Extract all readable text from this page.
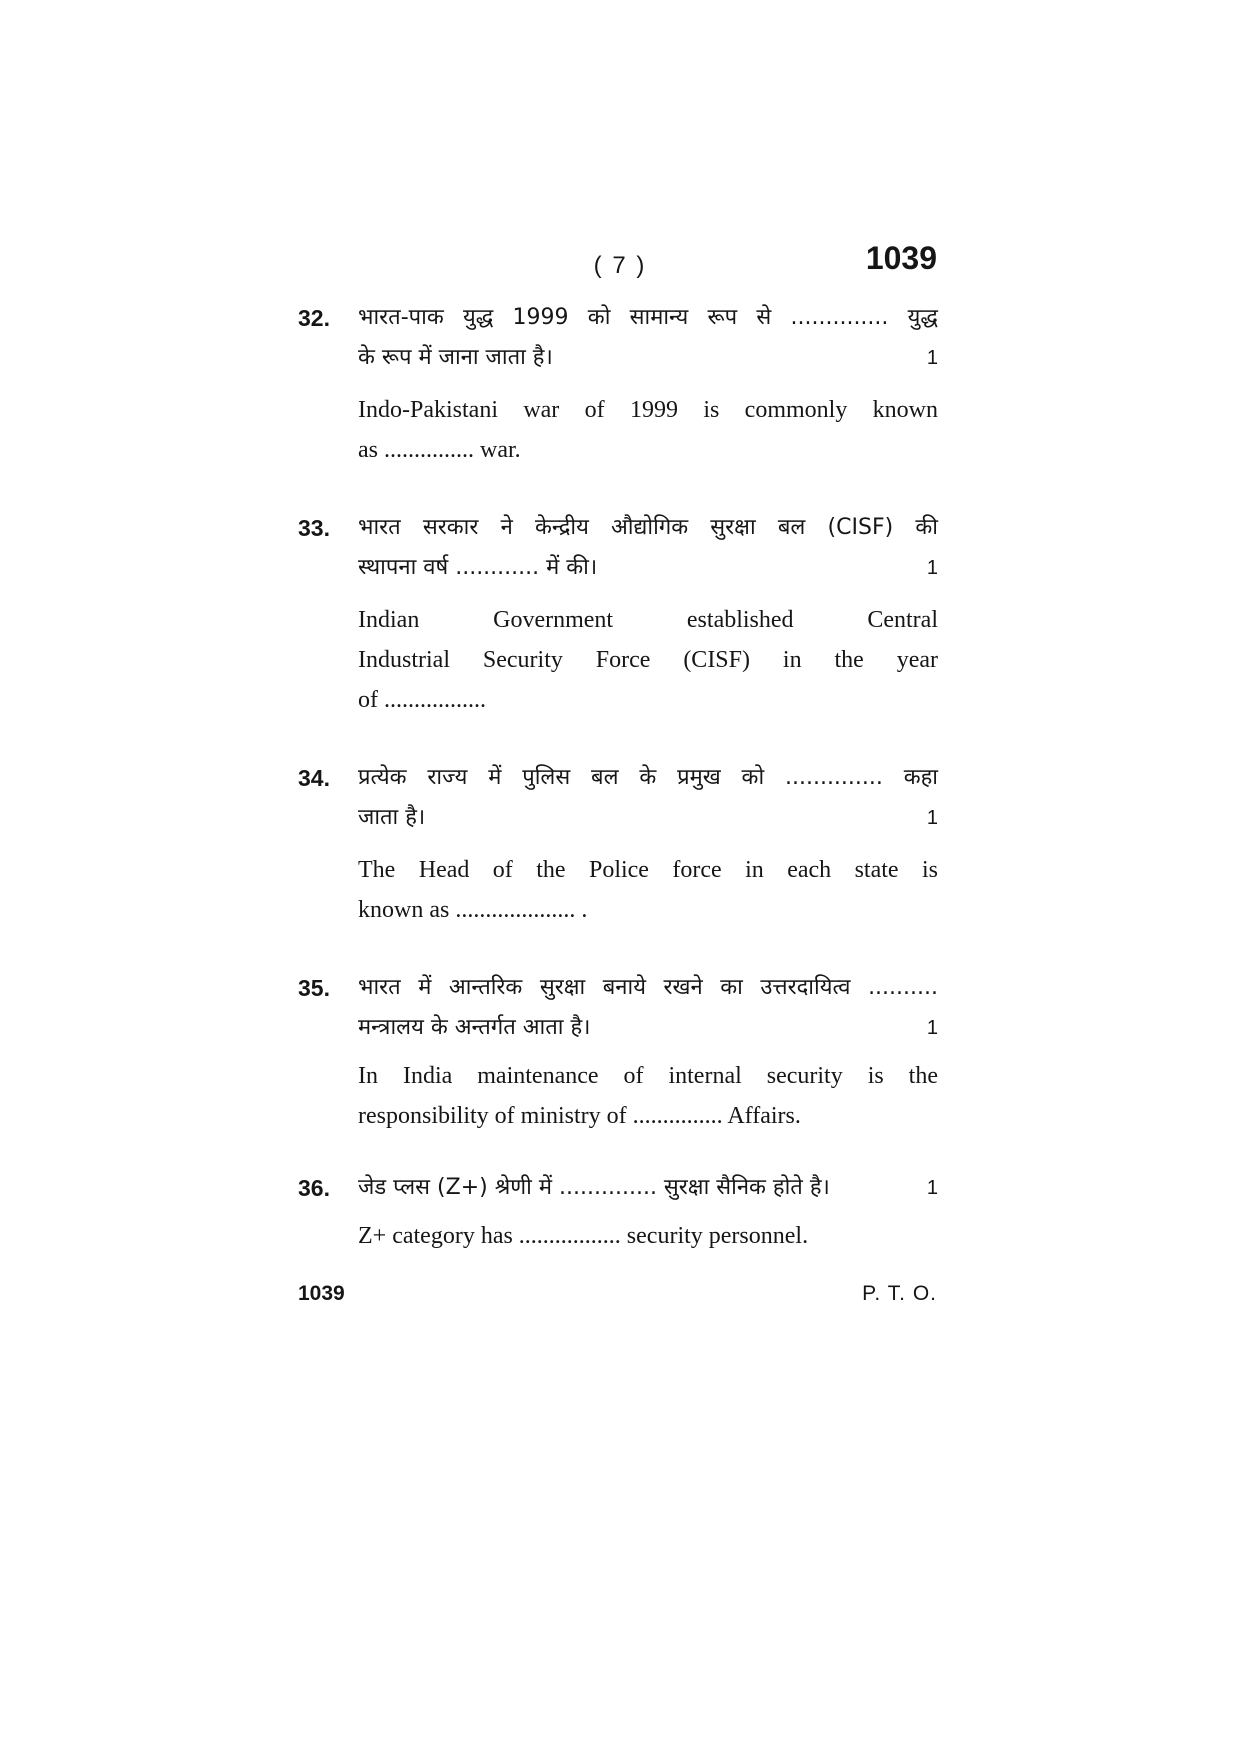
( 7 )	1039
32. भारत-पाक युद्ध 1999 को सामान्य रूप से .............. युद्ध
के रूप में जाना जाता है।	1
Indo-Pakistani war of 1999 is commonly known
as ............... war.
33. भारत सरकार ने केन्द्रीय औद्योगिक सुरक्षा बल (CISF) की
स्थापना वर्ष ............ में की।	1
Indian Government established Central
Industrial Security Force (CISF) in the year
of .................
34. प्रत्येक राज्य में पुलिस बल के प्रमुख को .............. कहा
जाता है।	1
The Head of the Police force in each state is
known as .................... .
35. भारत में आन्तरिक सुरक्षा बनाये रखने का उत्तरदायित्व ..........
मन्त्रालय के अन्तर्गत आता है।	1
In India maintenance of internal security is the
responsibility of ministry of ............... Affairs.
36. जेड प्लस (Z+) श्रेणी में .............. सुरक्षा सैनिक होते है।	1
Z+ category has ................. security personnel.
1039	P. T. O.
